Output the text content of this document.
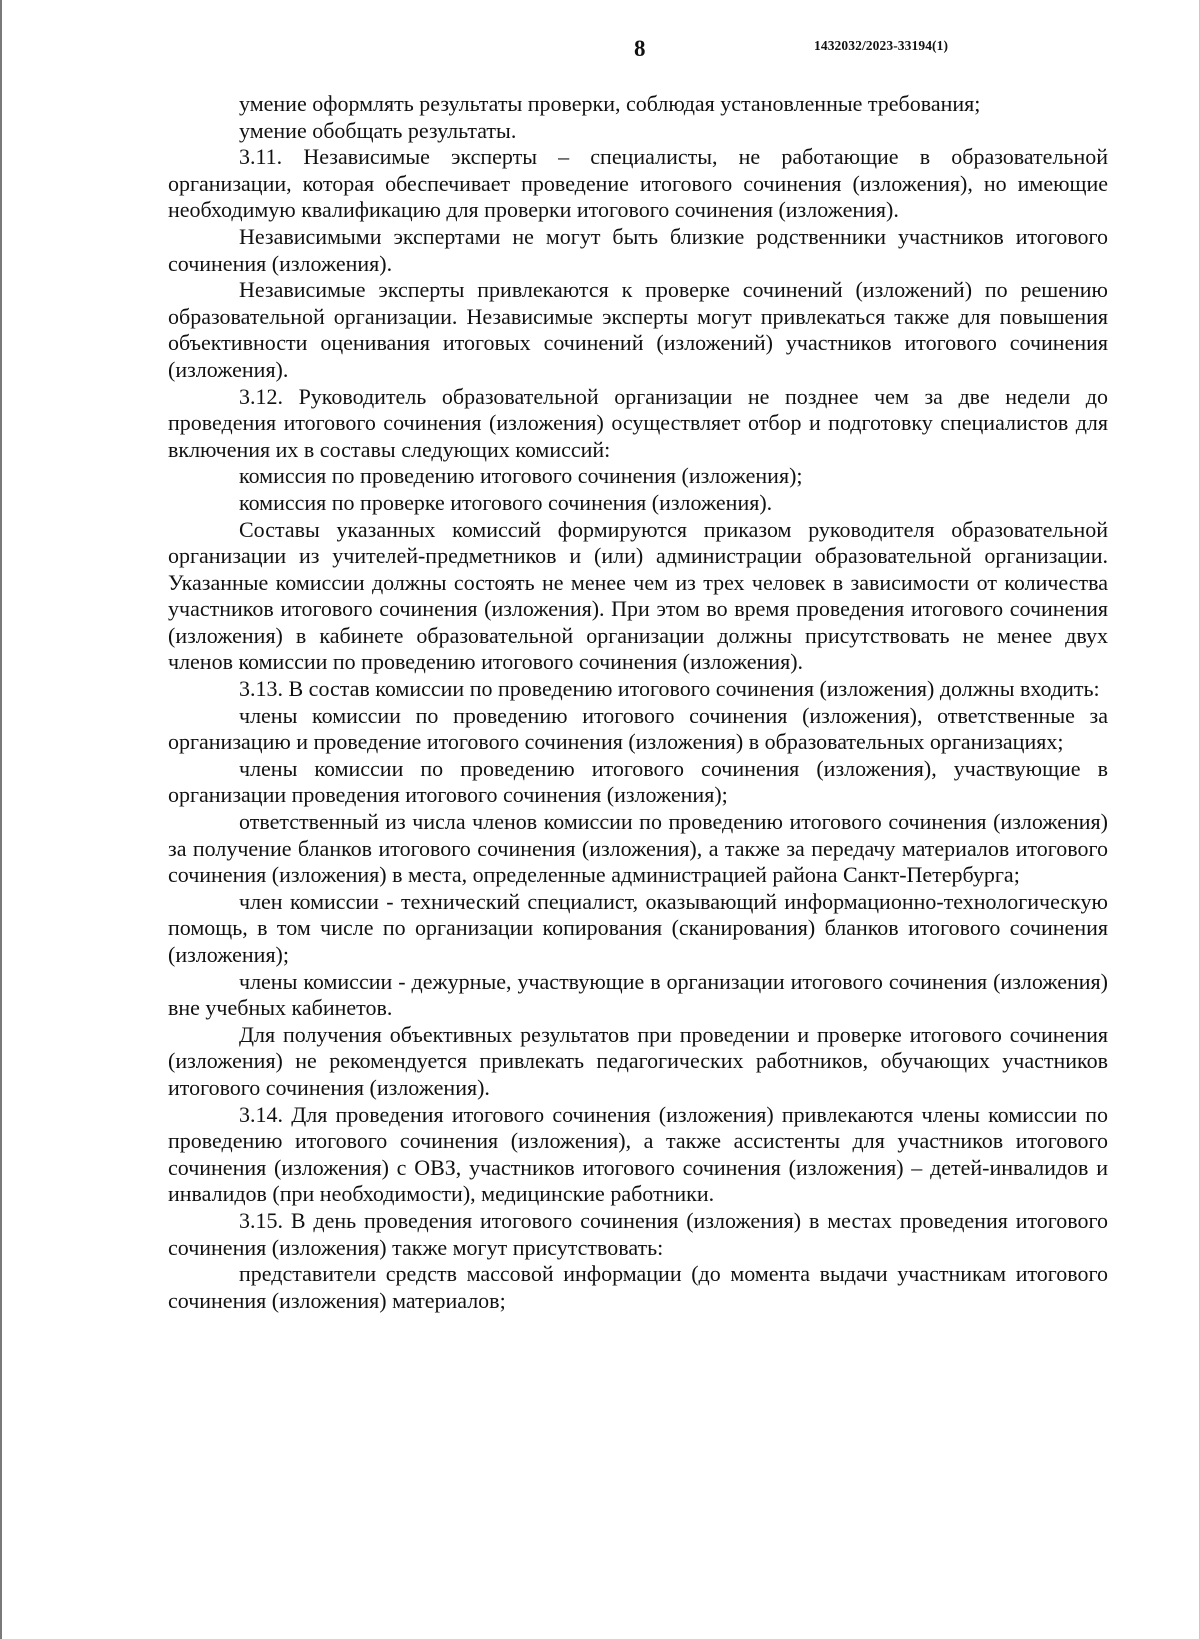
8	1432032/2023-33194(1)

умение оформлять результаты проверки, соблюдая установленные требования;

умение обобщать результаты.

3.11. Независимые эксперты – специалисты, не работающие в образовательной организации, которая обеспечивает проведение итогового сочинения (изложения), но имеющие необходимую квалификацию для проверки итогового сочинения (изложения).

Независимыми экспертами не могут быть близкие родственники участников итогового сочинения (изложения).

Независимые эксперты привлекаются к проверке сочинений (изложений) по решению образовательной организации. Независимые эксперты могут привлекаться также для повышения объективности оценивания итоговых сочинений (изложений) участников итогового сочинения (изложения).

3.12. Руководитель образовательной организации не позднее чем за две недели до проведения итогового сочинения (изложения) осуществляет отбор и подготовку специалистов для включения их в составы следующих комиссий:

комиссия по проведению итогового сочинения (изложения);

комиссия по проверке итогового сочинения (изложения).

Составы указанных комиссий формируются приказом руководителя образовательной организации из учителей-предметников и (или) администрации образовательной организации. Указанные комиссии должны состоять не менее чем из трех человек в зависимости от количества участников итогового сочинения (изложения). При этом во время проведения итогового сочинения (изложения) в кабинете образовательной организации должны присутствовать не менее двух членов комиссии по проведению итогового сочинения (изложения).

3.13. В состав комиссии по проведению итогового сочинения (изложения) должны входить:

члены комиссии по проведению итогового сочинения (изложения), ответственные за организацию и проведение итогового сочинения (изложения) в образовательных организациях;

члены комиссии по проведению итогового сочинения (изложения), участвующие в организации проведения итогового сочинения (изложения);

ответственный из числа членов комиссии по проведению итогового сочинения (изложения) за получение бланков итогового сочинения (изложения), а также за передачу материалов итогового сочинения (изложения) в места, определенные администрацией района Санкт-Петербурга;

член комиссии - технический специалист, оказывающий информационно-технологическую помощь, в том числе по организации копирования (сканирования) бланков итогового сочинения (изложения);

члены комиссии - дежурные, участвующие в организации итогового сочинения (изложения) вне учебных кабинетов.

Для получения объективных результатов при проведении и проверке итогового сочинения (изложения) не рекомендуется привлекать педагогических работников, обучающих участников итогового сочинения (изложения).

3.14. Для проведения итогового сочинения (изложения) привлекаются члены комиссии по проведению итогового сочинения (изложения), а также ассистенты для участников итогового сочинения (изложения) с ОВЗ, участников итогового сочинения (изложения) – детей-инвалидов и инвалидов (при необходимости), медицинские работники.

3.15. В день проведения итогового сочинения (изложения) в местах проведения итогового сочинения (изложения) также могут присутствовать:

представители средств массовой информации (до момента выдачи участникам итогового сочинения (изложения) материалов;
